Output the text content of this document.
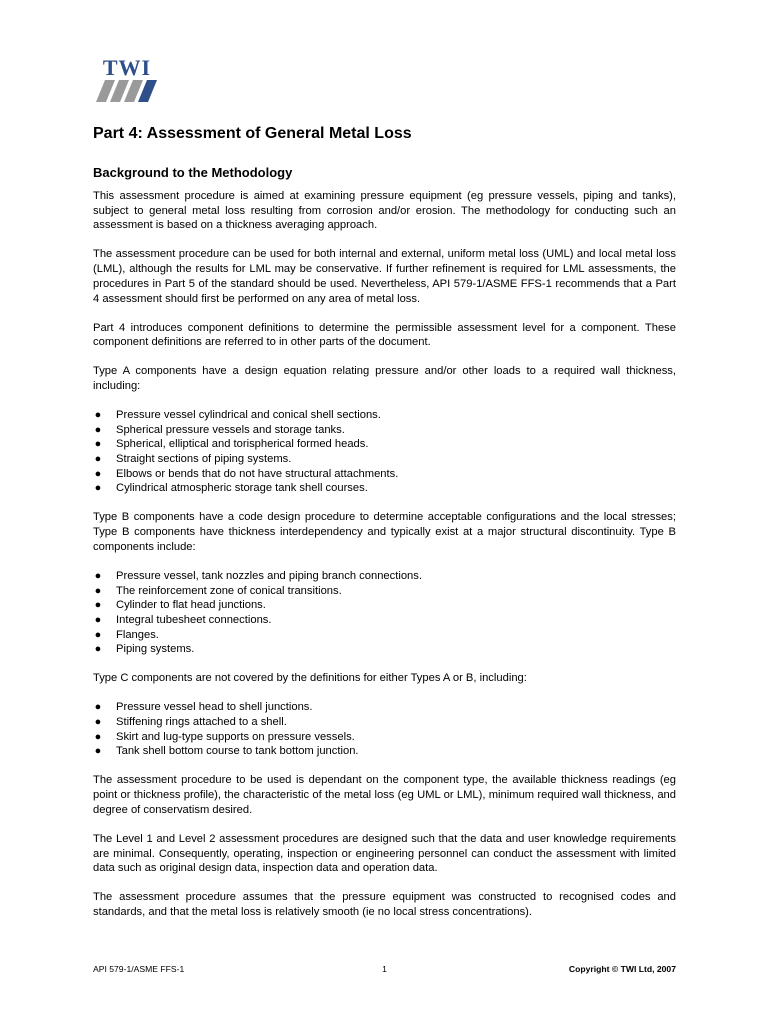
TWI
Part 4: Assessment of General Metal Loss
Background to the Methodology

This assessment procedure is aimed at examining pressure equipment (eg pressure vessels, piping and tanks), subject to general metal loss resulting from corrosion and/or erosion. The methodology for conducting such an assessment is based on a thickness averaging approach.

The assessment procedure can be used for both internal and external, uniform metal loss (UML) and local metal loss (LML), although the results for LML may be conservative. If further refinement is required for LML assessments, the procedures in Part 5 of the standard should be used. Nevertheless, API 579-1/ASME FFS-1 recommends that a Part 4 assessment should first be performed on any area of metal loss.

Part 4 introduces component definitions to determine the permissible assessment level for a component. These component definitions are referred to in other parts of the document.

Type A components have a design equation relating pressure and/or other loads to a required wall thickness, including:

● Pressure vessel cylindrical and conical shell sections.
● Spherical pressure vessels and storage tanks.
● Spherical, elliptical and torispherical formed heads.
● Straight sections of piping systems.
● Elbows or bends that do not have structural attachments.
● Cylindrical atmospheric storage tank shell courses.

Type B components have a code design procedure to determine acceptable configurations and the local stresses; Type B components have thickness interdependency and typically exist at a major structural discontinuity. Type B components include:

● Pressure vessel, tank nozzles and piping branch connections.
● The reinforcement zone of conical transitions.
● Cylinder to flat head junctions.
● Integral tubesheet connections.
● Flanges.
● Piping systems.

Type C components are not covered by the definitions for either Types A or B, including:

● Pressure vessel head to shell junctions.
● Stiffening rings attached to a shell.
● Skirt and lug-type supports on pressure vessels.
● Tank shell bottom course to tank bottom junction.

The assessment procedure to be used is dependant on the component type, the available thickness readings (eg point or thickness profile), the characteristic of the metal loss (eg UML or LML), minimum required wall thickness, and degree of conservatism desired.

The Level 1 and Level 2 assessment procedures are designed such that the data and user knowledge requirements are minimal. Consequently, operating, inspection or engineering personnel can conduct the assessment with limited data such as original design data, inspection data and operation data.

The assessment procedure assumes that the pressure equipment was constructed to recognised codes and standards, and that the metal loss is relatively smooth (ie no local stress concentrations).

API 579-1/ASME FFS-1	1	Copyright © TWI Ltd, 2007
